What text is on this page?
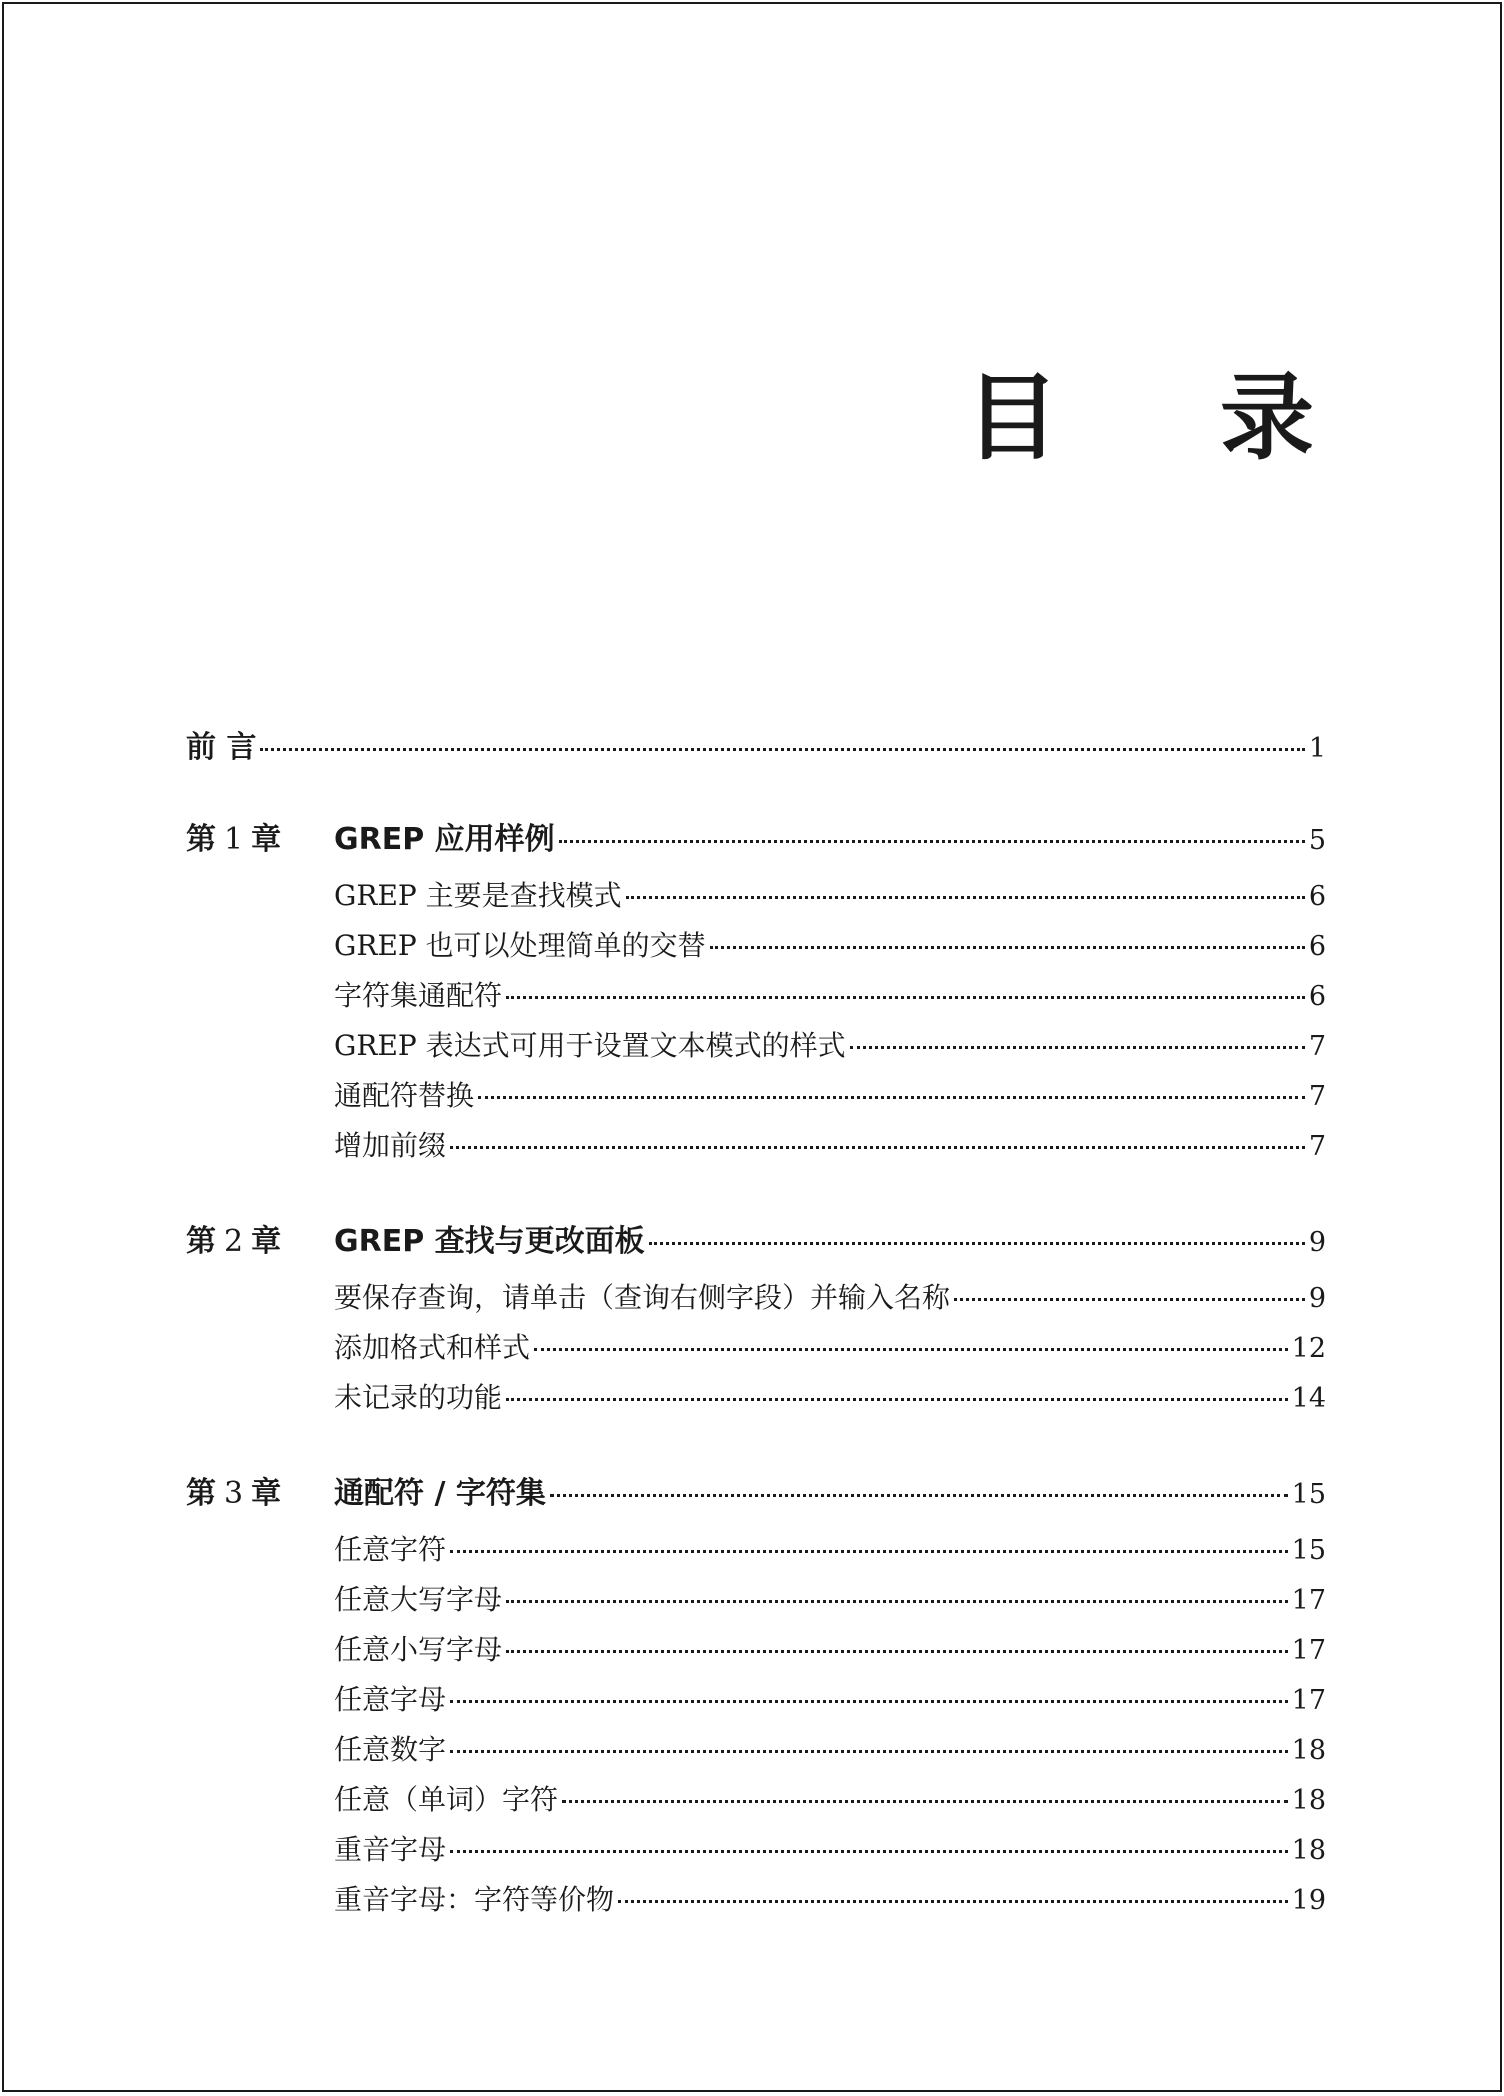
目 录
前 言	1
第 1 章 GREP 应用样例	5
GREP 主要是查找模式	6
GREP 也可以处理简单的交替	6
字符集通配符	6
GREP 表达式可用于设置文本模式的样式	7
通配符替换	7
增加前缀	7
第 2 章 GREP 查找与更改面板	9
要保存查询，请单击（查询右侧字段）并输入名称	9
添加格式和样式	12
未记录的功能	14
第 3 章 通配符 / 字符集	15
任意字符	15
任意大写字母	17
任意小写字母	17
任意字母	17
任意数字	18
任意（单词）字符	18
重音字母	18
重音字母：字符等价物	19
